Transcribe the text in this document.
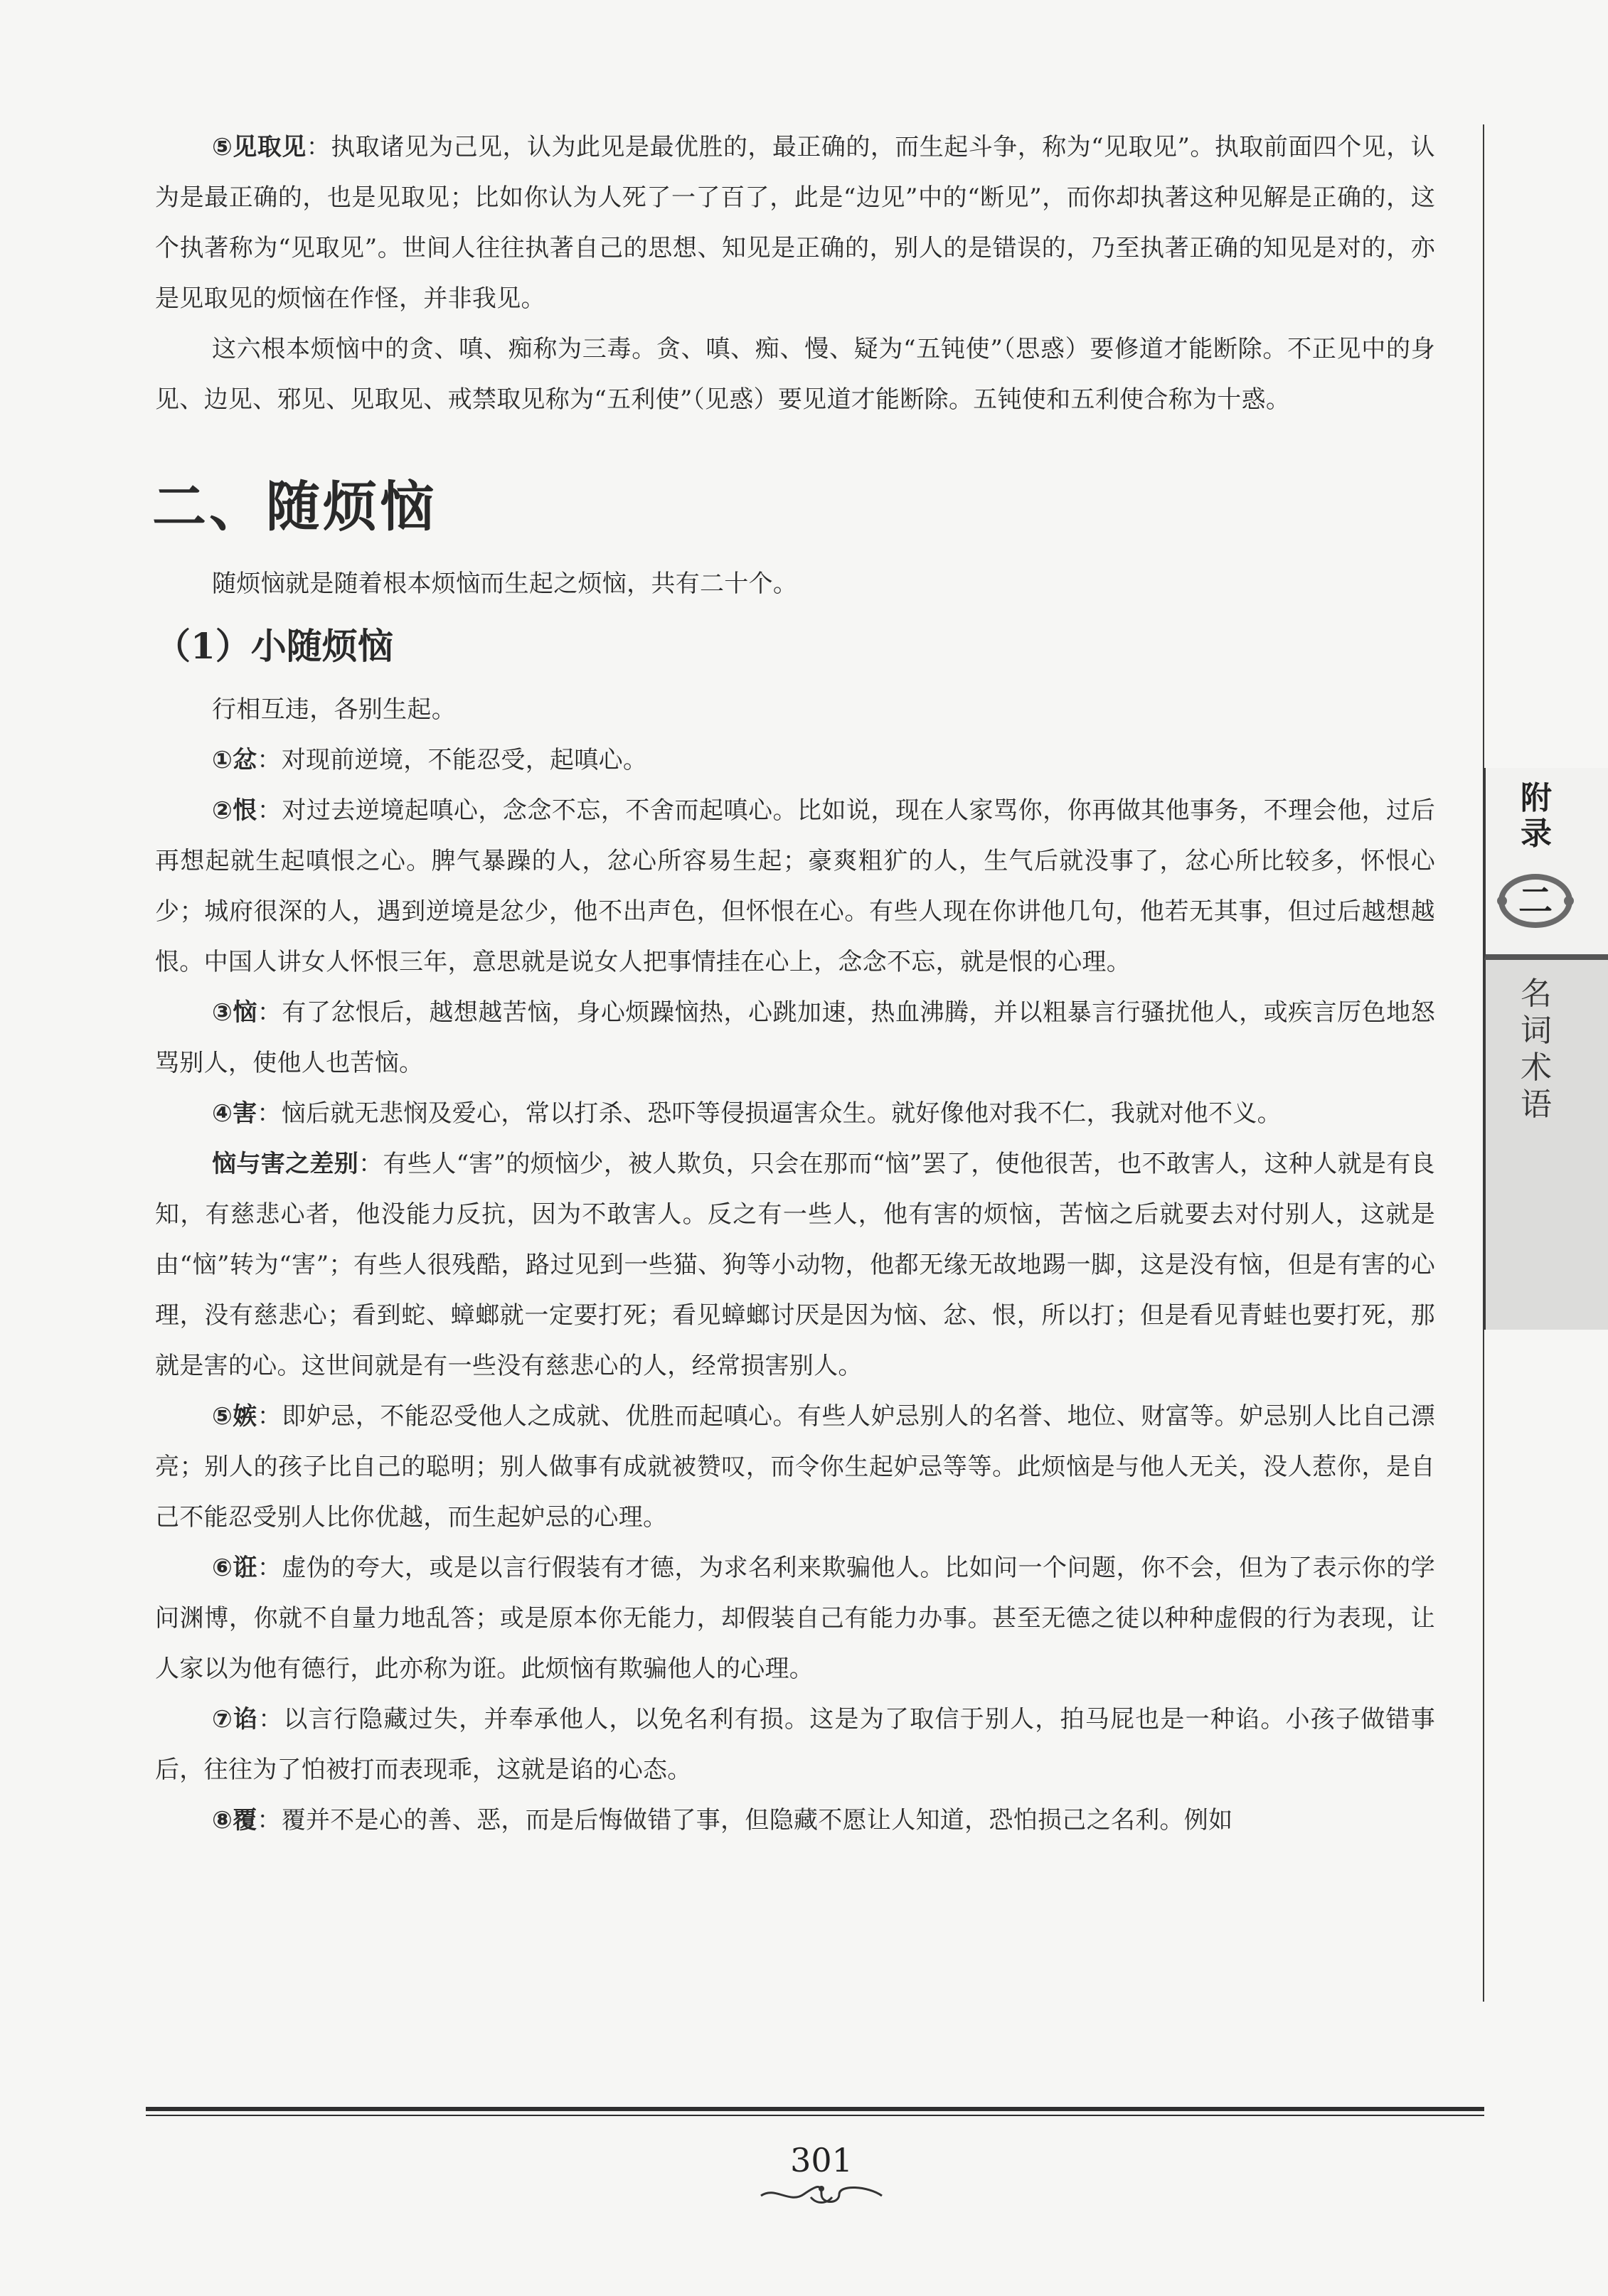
⑤见取见：执取诸见为己见，认为此见是最优胜的，最正确的，而生起斗争，称为“见取见”。执取前面四个见，认为是最正确的，也是见取见；比如你认为人死了一了百了，此是“边见”中的“断见”，而你却执著这种见解是正确的，这个执著称为“见取见”。世间人往往执著自己的思想、知见是正确的，别人的是错误的，乃至执著正确的知见是对的，亦是见取见的烦恼在作怪，并非我见。

这六根本烦恼中的贪、嗔、痴称为三毒。贪、嗔、痴、慢、疑为“五钝使”（思惑）要修道才能断除。不正见中的身见、边见、邪见、见取见、戒禁取见称为“五利使”（见惑）要见道才能断除。五钝使和五利使合称为十惑。

二、随烦恼

随烦恼就是随着根本烦恼而生起之烦恼，共有二十个。

（1）小随烦恼

行相互违，各别生起。

①忿：对现前逆境，不能忍受，起嗔心。

②恨：对过去逆境起嗔心，念念不忘，不舍而起嗔心。比如说，现在人家骂你，你再做其他事务，不理会他，过后再想起就生起嗔恨之心。脾气暴躁的人，忿心所容易生起；豪爽粗犷的人，生气后就没事了，忿心所比较多，怀恨心少；城府很深的人，遇到逆境是忿少，他不出声色，但怀恨在心。有些人现在你讲他几句，他若无其事，但过后越想越恨。中国人讲女人怀恨三年，意思就是说女人把事情挂在心上，念念不忘，就是恨的心理。

③恼：有了忿恨后，越想越苦恼，身心烦躁恼热，心跳加速，热血沸腾，并以粗暴言行骚扰他人，或疾言厉色地怒骂别人，使他人也苦恼。

④害：恼后就无悲悯及爱心，常以打杀、恐吓等侵损逼害众生。就好像他对我不仁，我就对他不义。

恼与害之差别：有些人“害”的烦恼少，被人欺负，只会在那而“恼”罢了，使他很苦，也不敢害人，这种人就是有良知，有慈悲心者，他没能力反抗，因为不敢害人。反之有一些人，他有害的烦恼，苦恼之后就要去对付别人，这就是由“恼”转为“害”；有些人很残酷，路过见到一些猫、狗等小动物，他都无缘无故地踢一脚，这是没有恼，但是有害的心理，没有慈悲心；看到蛇、蟑螂就一定要打死；看见蟑螂讨厌是因为恼、忿、恨，所以打；但是看见青蛙也要打死，那就是害的心。这世间就是有一些没有慈悲心的人，经常损害别人。

⑤嫉：即妒忌，不能忍受他人之成就、优胜而起嗔心。有些人妒忌别人的名誉、地位、财富等。妒忌别人比自己漂亮；别人的孩子比自己的聪明；别人做事有成就被赞叹，而令你生起妒忌等等。此烦恼是与他人无关，没人惹你，是自己不能忍受别人比你优越，而生起妒忌的心理。

⑥诳：虚伪的夸大，或是以言行假装有才德，为求名利来欺骗他人。比如问一个问题，你不会，但为了表示你的学问渊博，你就不自量力地乱答；或是原本你无能力，却假装自己有能力办事。甚至无德之徒以种种虚假的行为表现，让人家以为他有德行，此亦称为诳。此烦恼有欺骗他人的心理。

⑦谄：以言行隐藏过失，并奉承他人，以免名利有损。这是为了取信于别人，拍马屁也是一种谄。小孩子做错事后，往往为了怕被打而表现乖，这就是谄的心态。

⑧覆：覆并不是心的善、恶，而是后悔做错了事，但隐藏不愿让人知道，恐怕损己之名利。例如

附
录
二
名
词
术
语
301
